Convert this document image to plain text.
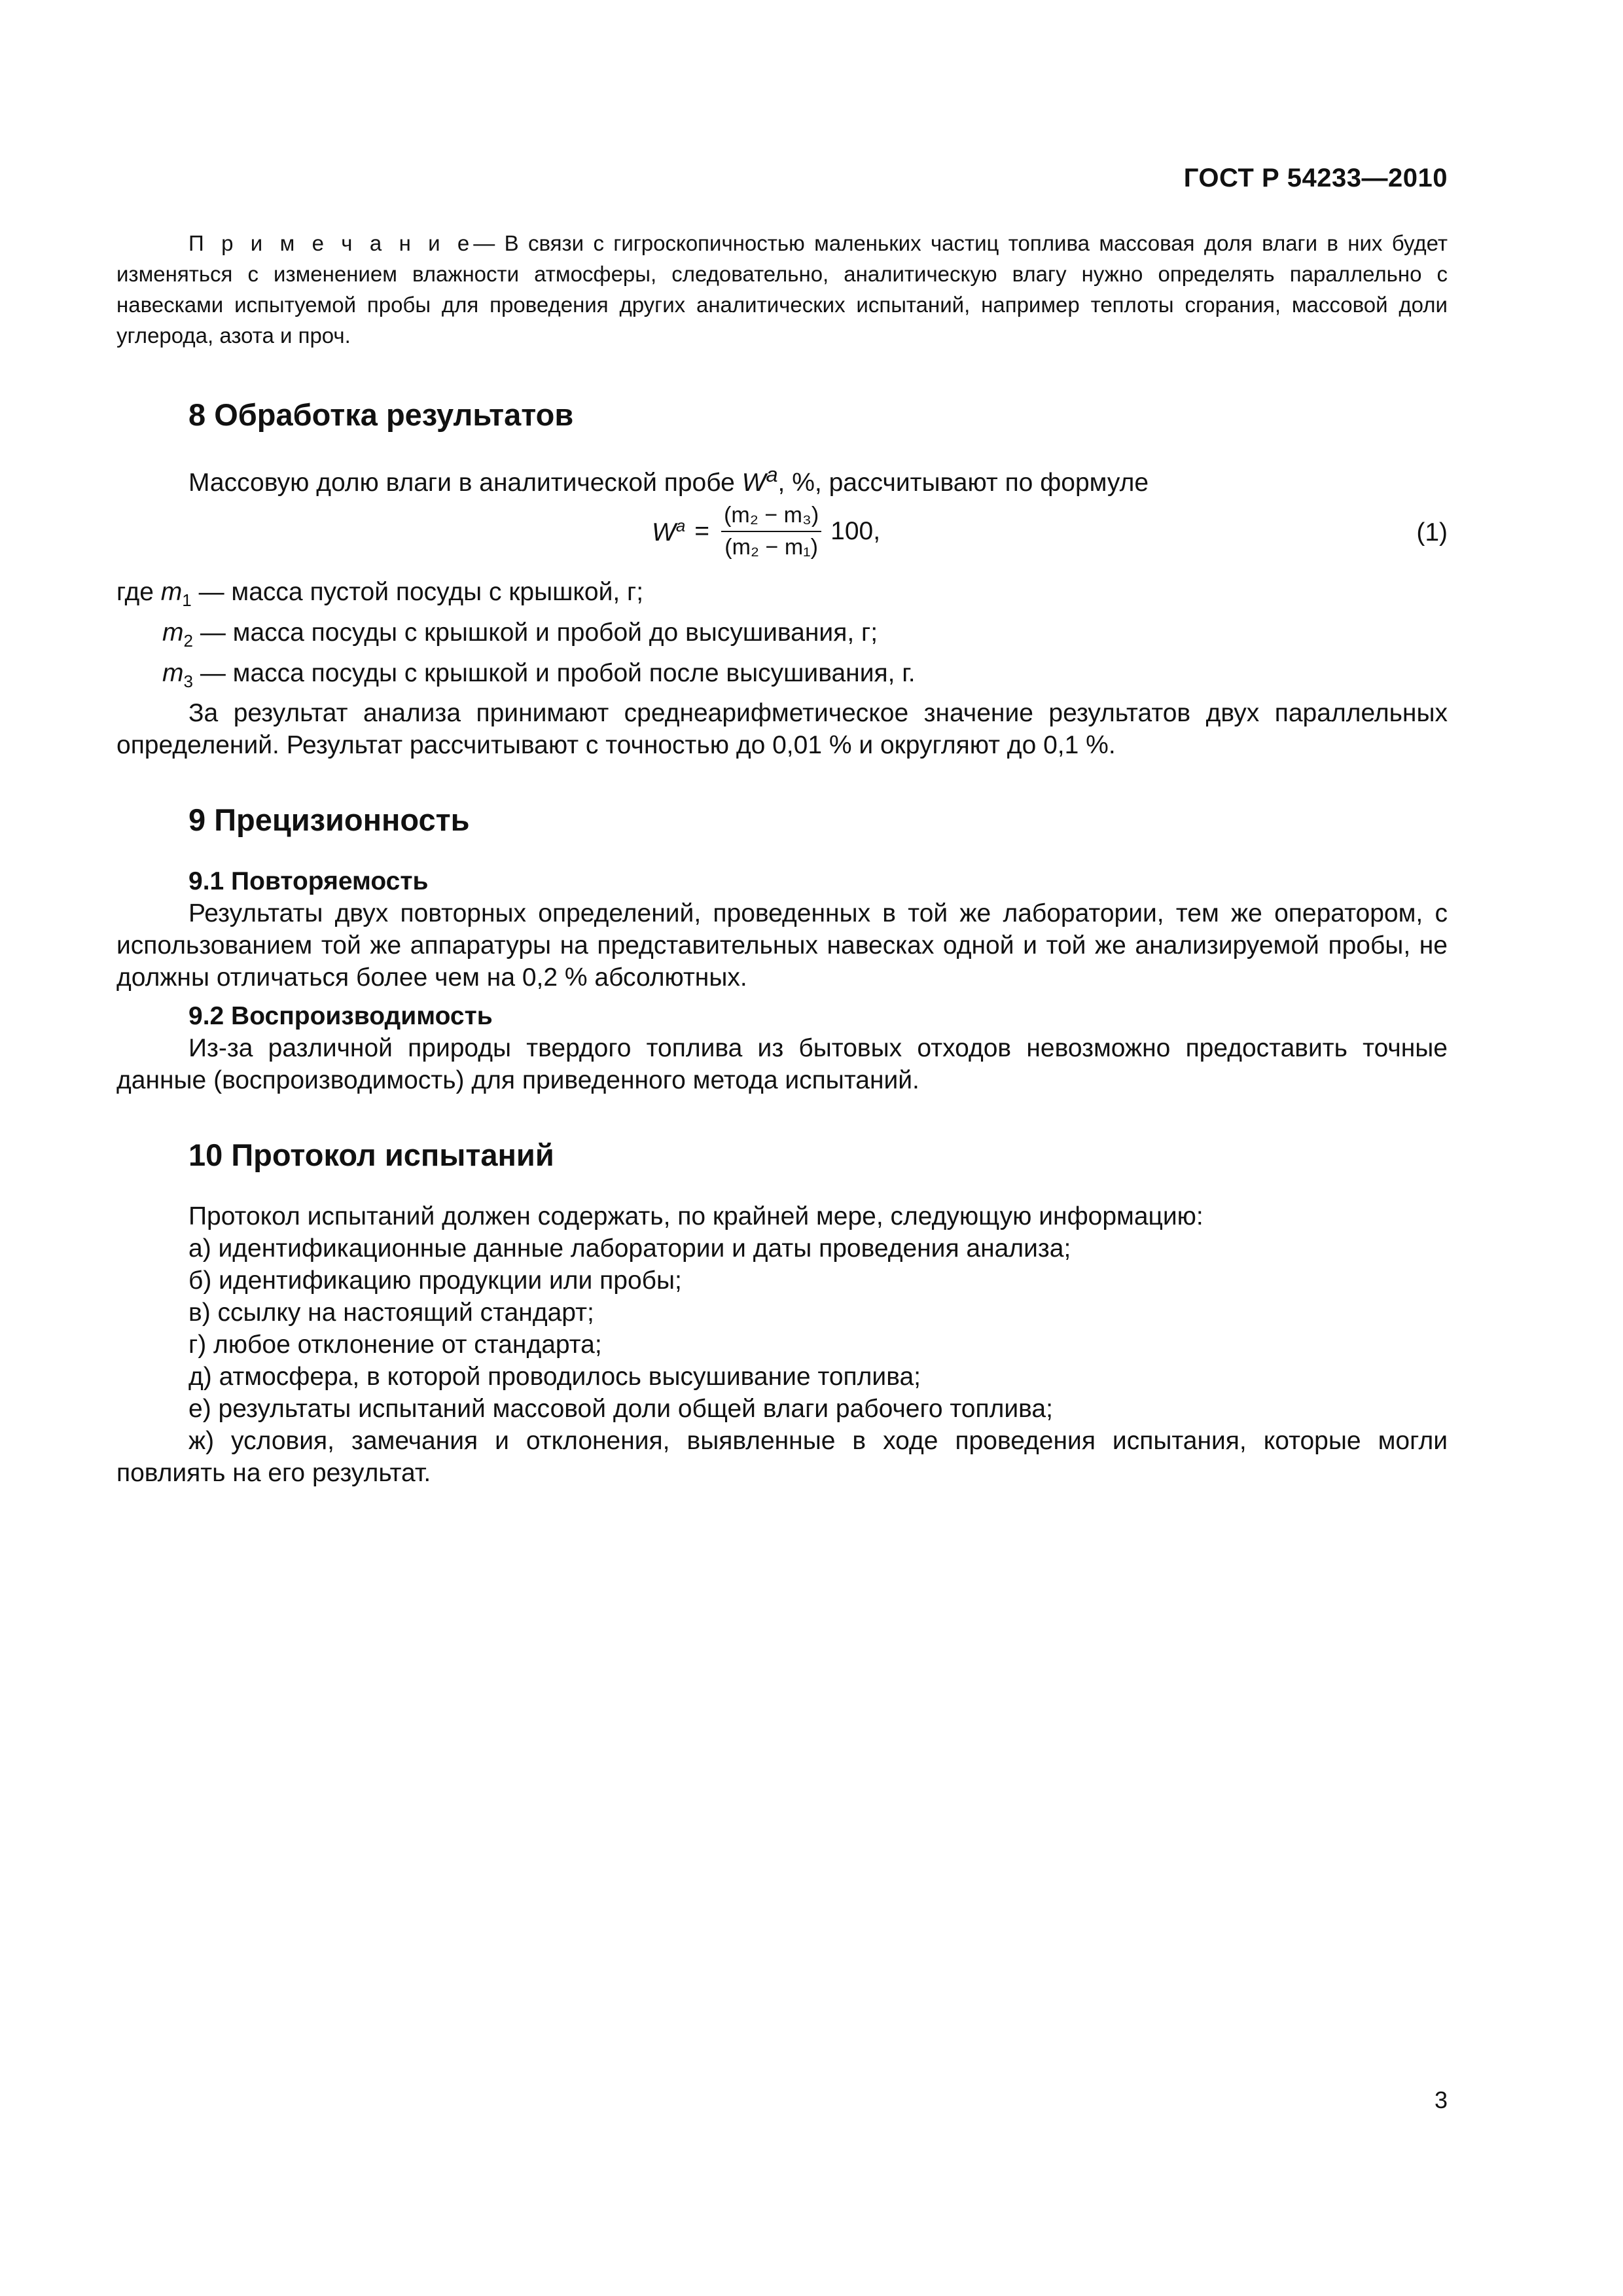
ГОСТ Р 54233—2010

П р и м е ч а н и е— В связи с гигроскопичностью маленьких частиц топлива массовая доля влаги в них будет изменяться с изменением влажности атмосферы, следовательно, аналитическую влагу нужно определять параллельно с навесками испытуемой пробы для проведения других аналитических испытаний, например теплоты сгорания, массовой доли углерода, азота и проч.

8 Обработка результатов

Массовую долю влаги в аналитической пробе $W^a$, %, рассчитывают по формуле

$W^a = \frac{\text{(m₂ − m₃)}}{\text{(m₂ − m₁)}} 100$,	(1)
где $m_1$ — масса пустой посуды с крышкой, г;
$m_2$ — масса посуды с крышкой и пробой до высушивания, г;
$m_3$ — масса посуды с крышкой и пробой после высушивания, г.

За результат анализа принимают среднеарифметическое значение результатов двух параллельных определений. Результат рассчитывают с точностью до 0,01 % и округляют до 0,1 %.

9 Прецизионность
9.1 Повторяемость

Результаты двух повторных определений, проведенных в той же лаборатории, тем же оператором, с использованием той же аппаратуры на представительных навесках одной и той же анализируемой пробы, не должны отличаться более чем на 0,2 % абсолютных.

9.2 Воспроизводимость

Из-за различной природы твердого топлива из бытовых отходов невозможно предоставить точные данные (воспроизводимость) для приведенного метода испытаний.

10 Протокол испытаний

Протокол испытаний должен содержать, по крайней мере, следующую информацию:

а) идентификационные данные лаборатории и даты проведения анализа;

б) идентификацию продукции или пробы;

в) ссылку на настоящий стандарт;

г) любое отклонение от стандарта;

д) атмосфера, в которой проводилось высушивание топлива;

е) результаты испытаний массовой доли общей влаги рабочего топлива;

ж) условия, замечания и отклонения, выявленные в ходе проведения испытания, которые могли повлиять на его результат.

3
